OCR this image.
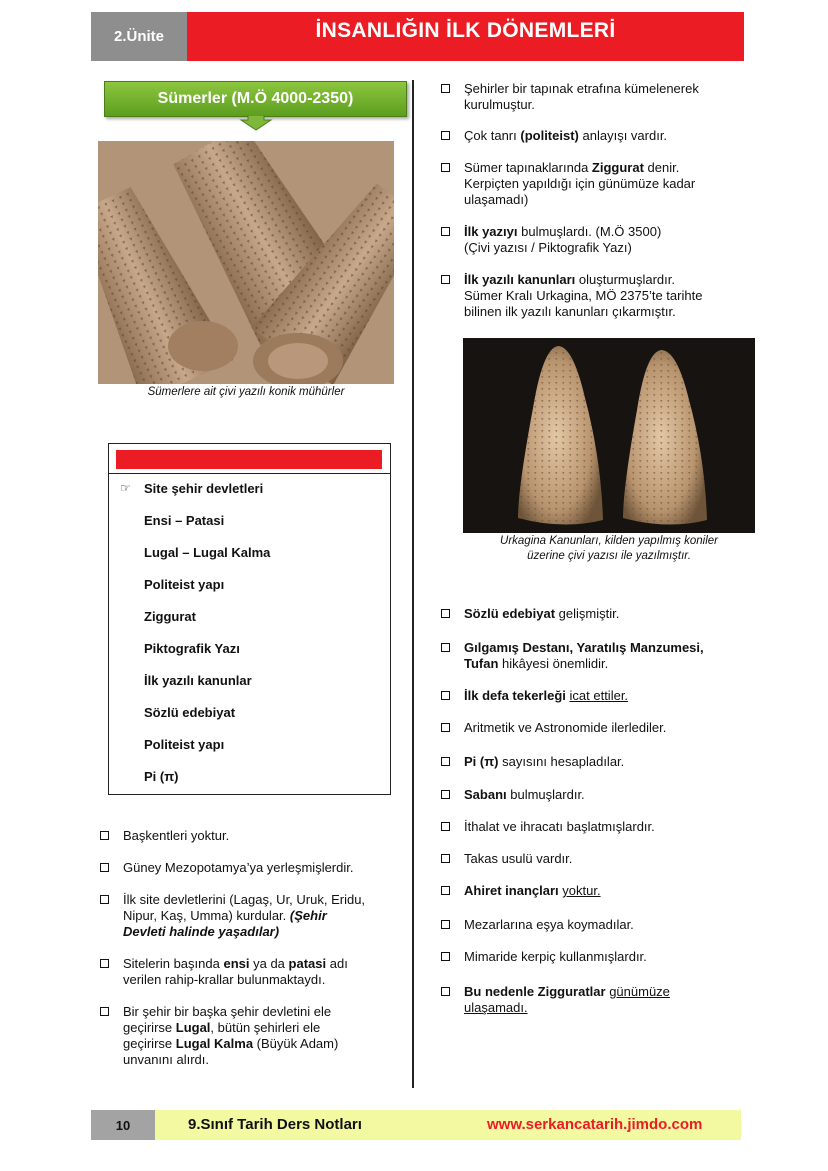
2.Ünite	İNSANLIĞIN İLK DÖNEMLERİ
Sümerler (M.Ö 4000-2350)
Sümerlere ait çivi yazılı konik mühürler
☞ Site şehir devletleri
Ensi – Patasi
Lugal – Lugal Kalma
Politeist yapı
Ziggurat
Piktografik Yazı
İlk yazılı kanunlar
Sözlü edebiyat
Politeist yapı
Pi (π)
Başkentleri yoktur.
Güney Mezopotamya’ya yerleşmişlerdir.
İlk site devletlerini (Lagaş, Ur, Uruk, Eridu,
Nipur, Kaş, Umma) kurdular. (Şehir
Devleti halinde yaşadılar)
Sitelerin başında ensi ya da patasi adı
verilen rahip-krallar bulunmaktaydı.
Bir şehir bir başka şehir devletini ele
geçirirse Lugal, bütün şehirleri ele
geçirirse Lugal Kalma (Büyük Adam)
unvanını alırdı.
Şehirler bir tapınak etrafına kümelenerek
kurulmuştur.
Çok tanrı (politeist) anlayışı vardır.
Sümer tapınaklarında Ziggurat denir.
Kerpiçten yapıldığı için günümüze kadar
ulaşamadı)
İlk yazıyı bulmuşlardı. (M.Ö 3500)
(Çivi yazısı / Piktografik Yazı)
İlk yazılı kanunları oluşturmuşlardır.
Sümer Kralı Urkagina, MÖ 2375’te tarihte
bilinen ilk yazılı kanunları çıkarmıştır.
Urkagina Kanunları, kilden yapılmış koniler
üzerine çivi yazısı ile yazılmıştır.
Sözlü edebiyat gelişmiştir.
Gılgamış Destanı, Yaratılış Manzumesi,
Tufan hikâyesi önemlidir.
İlk defa tekerleği icat ettiler.
Aritmetik ve Astronomide ilerlediler.
Pi (π) sayısını hesapladılar.
Sabanı bulmuşlardır.
İthalat ve ihracatı başlatmışlardır.
Takas usulü vardır.
Ahiret inançları yoktur.
Mezarlarına eşya koymadılar.
Mimaride kerpiç kullanmışlardır.
Bu nedenle Zigguratlar günümüze
ulaşamadı.
10	9.Sınıf Tarih Ders Notları	www.serkancatarih.jimdo.com
